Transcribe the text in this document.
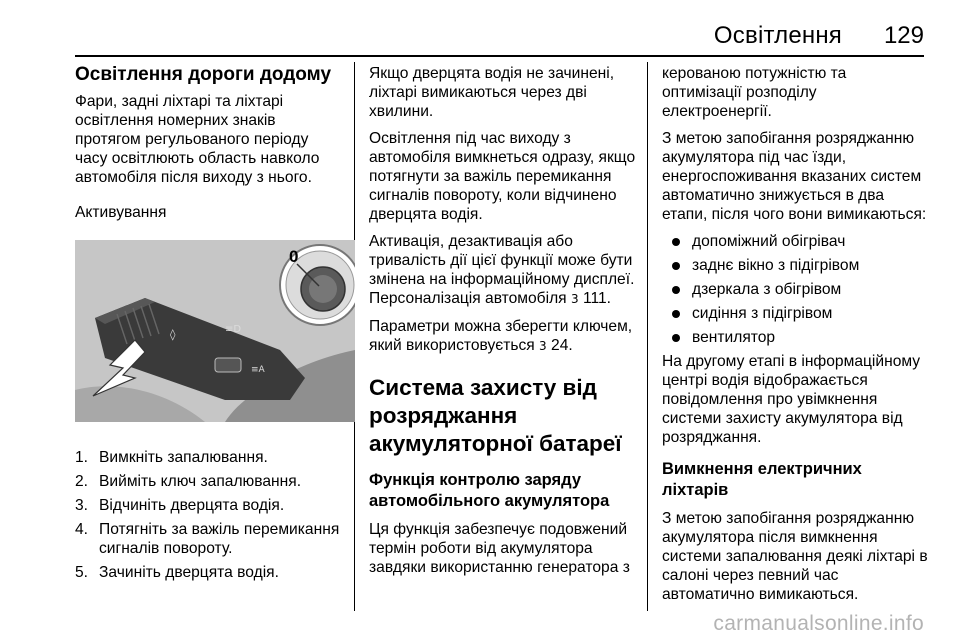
Освітлення 129
Освітлення дороги додому

Фари, задні ліхтарі та ліхтарі освітлення номерних знаків протягом регульованого періоду часу освітлюють область навколо автомобіля після виходу з нього.

Активування

◊	≡D
≡A
0
1. Вимкніть запалювання.
2. Вийміть ключ запалювання.
3. Відчиніть дверцята водія.
4. Потягніть за важіль перемикання сигналів повороту.
5. Зачиніть дверцята водія.

Якщо дверцята водія не зачинені, ліхтарі вимикаються через дві хвилини.

Освітлення під час виходу з автомобіля вимкнеться одразу, якщо потягнути за важіль перемикання сигналів повороту, коли відчинено дверцята водія.

Активація, дезактивація або тривалість дії цієї функції може бути змінена на інформаційному дисплеї. Персоналізація автомобіля 3 111.

Параметри можна зберегти ключем, який використовується 3 24.

Система захисту від розряджання акумуляторної батареї
Функція контролю заряду автомобільного акумулятора

Ця функція забезпечує подовжений термін роботи від акумулятора завдяки використанню генератора з

керованою потужністю та оптимізації розподілу електроенергії.

З метою запобігання розряджанню акумулятора під час їзди, енергоспоживання вказаних систем автоматично знижується в два етапи, після чого вони вимикаються:

допоміжний обігрівач
заднє вікно з підігрівом
дзеркала з обігрівом
сидіння з підігрівом
вентилятор

На другому етапі в інформаційному центрі водія відображається повідомлення про увімкнення системи захисту акумулятора від розряджання.

Вимкнення електричних ліхтарів

З метою запобігання розряджанню акумулятора після вимкнення системи запалювання деякі ліхтарі в салоні через певний час автоматично вимикаються.

carmanualsonline.info
